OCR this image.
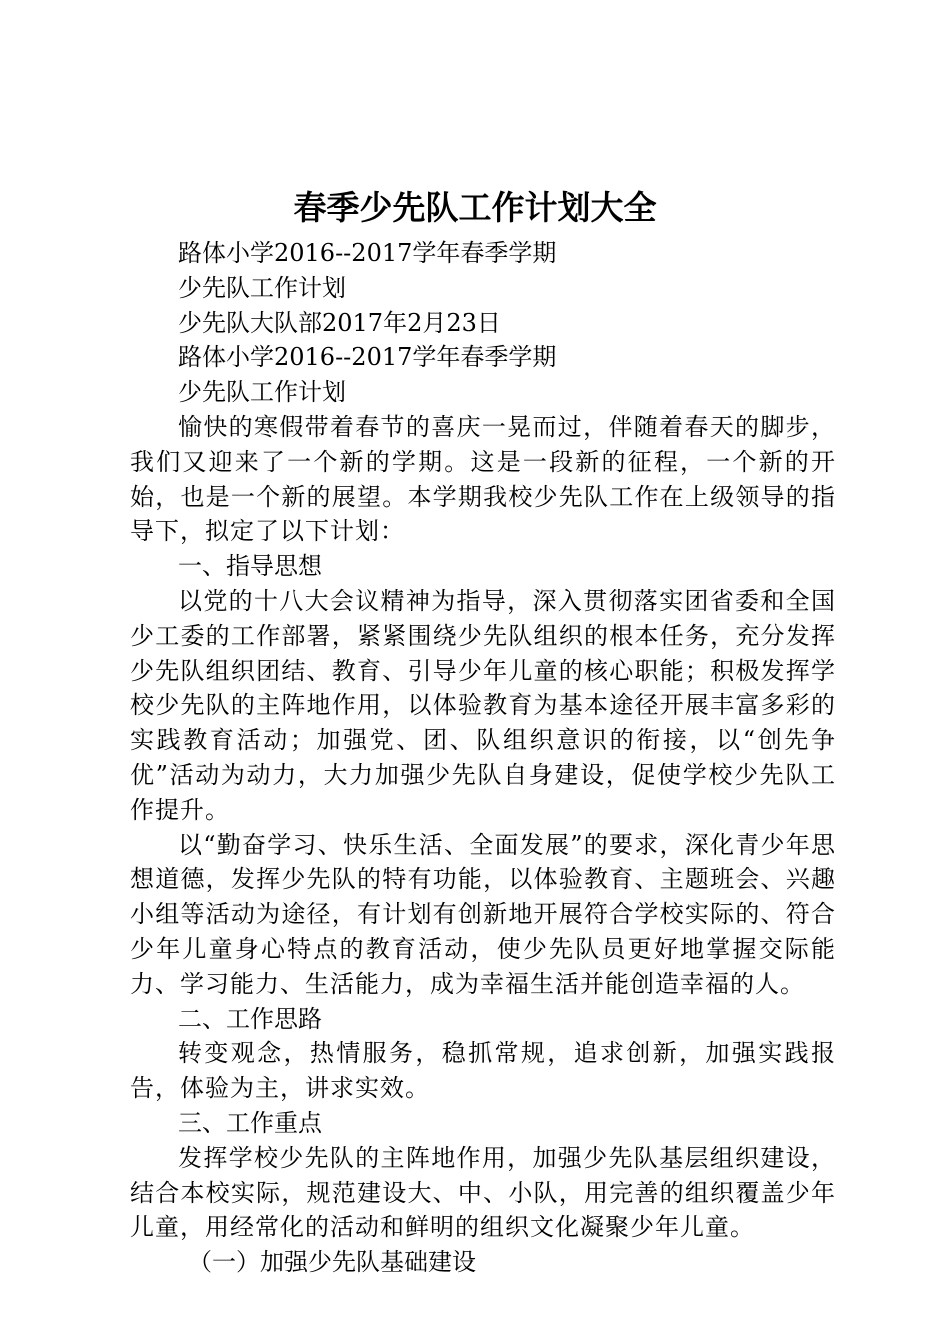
春季少先队工作计划大全

路体小学2016--2017学年春季学期

少先队工作计划

少先队大队部2017年2月23日

路体小学2016--2017学年春季学期

少先队工作计划

愉快的寒假带着春节的喜庆一晃而过，伴随着春天的脚步，我们又迎来了一个新的学期。这是一段新的征程，一个新的开始，也是一个新的展望。本学期我校少先队工作在上级领导的指导下，拟定了以下计划：

一、指导思想

以党的十八大会议精神为指导，深入贯彻落实团省委和全国少工委的工作部署，紧紧围绕少先队组织的根本任务，充分发挥少先队组织团结、教育、引导少年儿童的核心职能；积极发挥学校少先队的主阵地作用，以体验教育为基本途径开展丰富多彩的实践教育活动；加强党、团、队组织意识的衔接，以“创先争优”活动为动力，大力加强少先队自身建设，促使学校少先队工作提升。

以“勤奋学习、快乐生活、全面发展”的要求，深化青少年思想道德，发挥少先队的特有功能，以体验教育、主题班会、兴趣小组等活动为途径，有计划有创新地开展符合学校实际的、符合少年儿童身心特点的教育活动，使少先队员更好地掌握交际能力、学习能力、生活能力，成为幸福生活并能创造幸福的人。

二、工作思路

转变观念，热情服务，稳抓常规，追求创新，加强实践报告，体验为主，讲求实效。

三、工作重点

发挥学校少先队的主阵地作用，加强少先队基层组织建设，结合本校实际，规范建设大、中、小队，用完善的组织覆盖少年儿童，用经常化的活动和鲜明的组织文化凝聚少年儿童。

（一）加强少先队基础建设
